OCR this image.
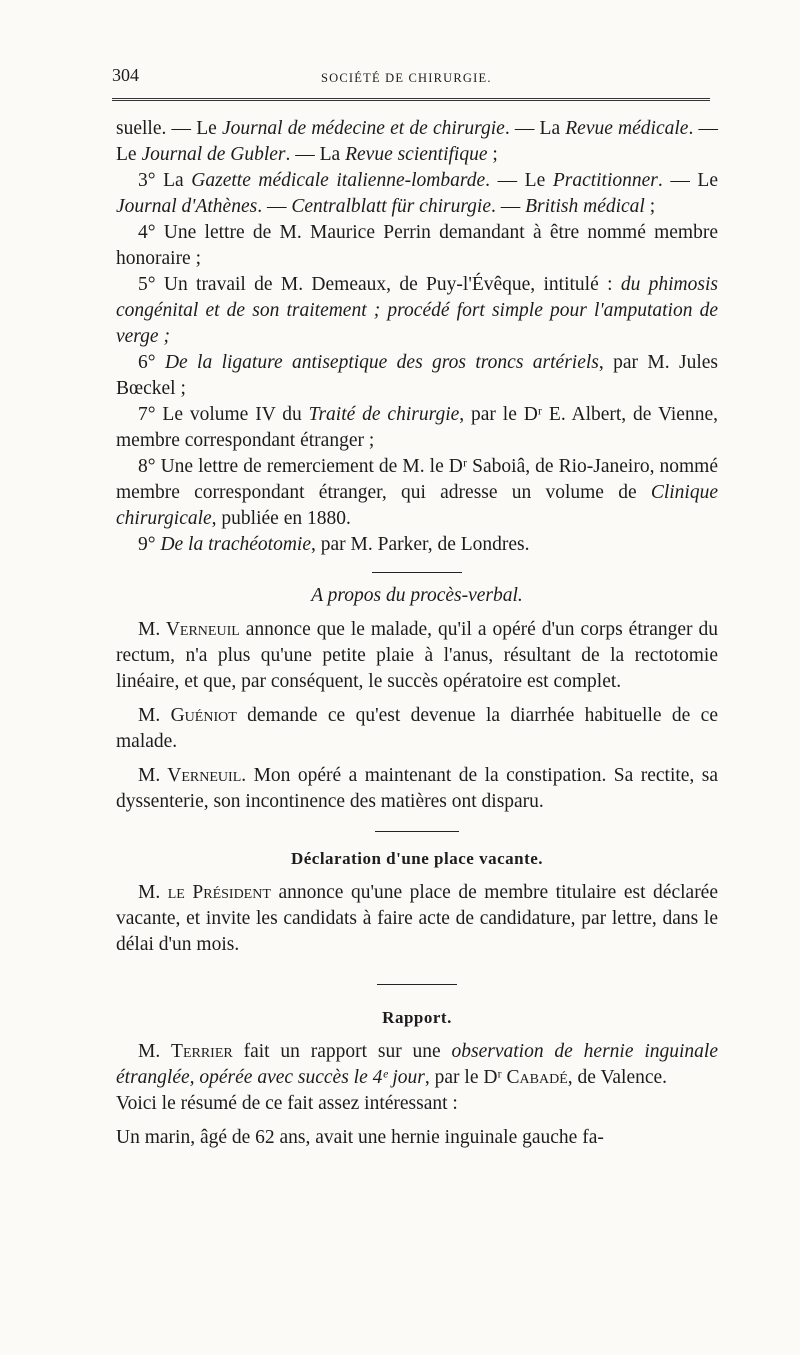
304	SOCIÉTÉ DE CHIRURGIE.

suelle. — Le Journal de médecine et de chirurgie. — La Revue médicale. — Le Journal de Gubler. — La Revue scientifique ;

3° La Gazette médicale italienne-lombarde. — Le Practitionner. — Le Journal d'Athènes. — Centralblatt für chirurgie. — British médical ;

4° Une lettre de M. Maurice Perrin demandant à être nommé membre honoraire ;

5° Un travail de M. Demeaux, de Puy-l'Évêque, intitulé : du phimosis congénital et de son traitement ; procédé fort simple pour l'amputation de verge ;

6° De la ligature antiseptique des gros troncs artériels, par M. Jules Bœckel ;

7° Le volume IV du Traité de chirurgie, par le Dʳ E. Albert, de Vienne, membre correspondant étranger ;

8° Une lettre de remerciement de M. le Dʳ Saboiâ, de Rio-Janeiro, nommé membre correspondant étranger, qui adresse un volume de Clinique chirurgicale, publiée en 1880.

9° De la trachéotomie, par M. Parker, de Londres.

A propos du procès-verbal.

M. Verneuil annonce que le malade, qu'il a opéré d'un corps étranger du rectum, n'a plus qu'une petite plaie à l'anus, résultant de la rectotomie linéaire, et que, par conséquent, le succès opératoire est complet.

M. Guéniot demande ce qu'est devenue la diarrhée habituelle de ce malade.

M. Verneuil. Mon opéré a maintenant de la constipation. Sa rectite, sa dyssenterie, son incontinence des matières ont disparu.

Déclaration d'une place vacante.

M. le Président annonce qu'une place de membre titulaire est déclarée vacante, et invite les candidats à faire acte de candidature, par lettre, dans le délai d'un mois.

Rapport.

M. Terrier fait un rapport sur une observation de hernie inguinale étranglée, opérée avec succès le 4ᵉ jour, par le Dʳ Cabadé, de Valence.

Voici le résumé de ce fait assez intéressant :

Un marin, âgé de 62 ans, avait une hernie inguinale gauche fa-
